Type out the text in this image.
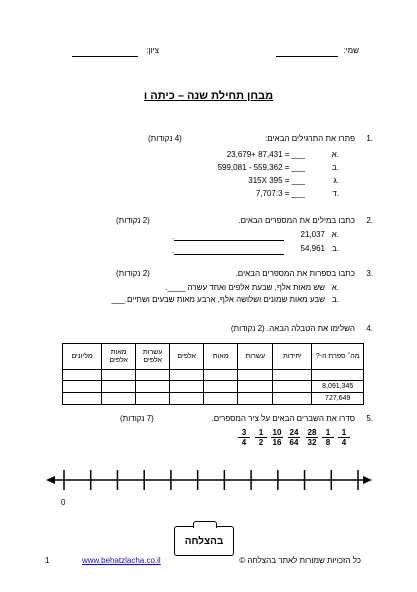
שמי:
ציון:
מבחן תחילת שנה – כיתה ו
1.
פתרו את התרגילים הבאים:
(4 נקודות)
א.
23,679+ 87,431 = ___
ב.
599,081 - 559,362 = ___
ג.
315X 395 = ___
ד.
7,707:3 = ___
2.
כתבו במילים את המספרים הבאים.
(2 נקודות)
א.
21,037
.
ב.
54,961
.
3.
כתבו בספרות את המספרים הבאים.
(2 נקודות)
א.
שש מאות אלף, שבעת אלפים ואחד עשרה ____.
ב.
שבע מאות שמונים ושלושה אלף, ארבע מאות שבעים ושתיים.___
4.
השלימו את הטבלה הבאה. (2 נקודות)
מליונים	מאות אלפים	עשרות אלפים	אלפים	מאות	עשרות	יחידות	מה׳ ספרת ה-?

							8,091,345
							727,649
5.
סדרו את השברים הבאים על ציר המספרים.
(7 נקודות)
$\frac{3}{4} \frac{1}{2} \frac{10}{16} \frac{24}{64} \frac{28}{32} \frac{1}{8} \frac{1}{4}$
0
בהצלחה
1	www.behatzlacha.co.il	כל הזכויות שמורות לאתר בהצלחה ©
